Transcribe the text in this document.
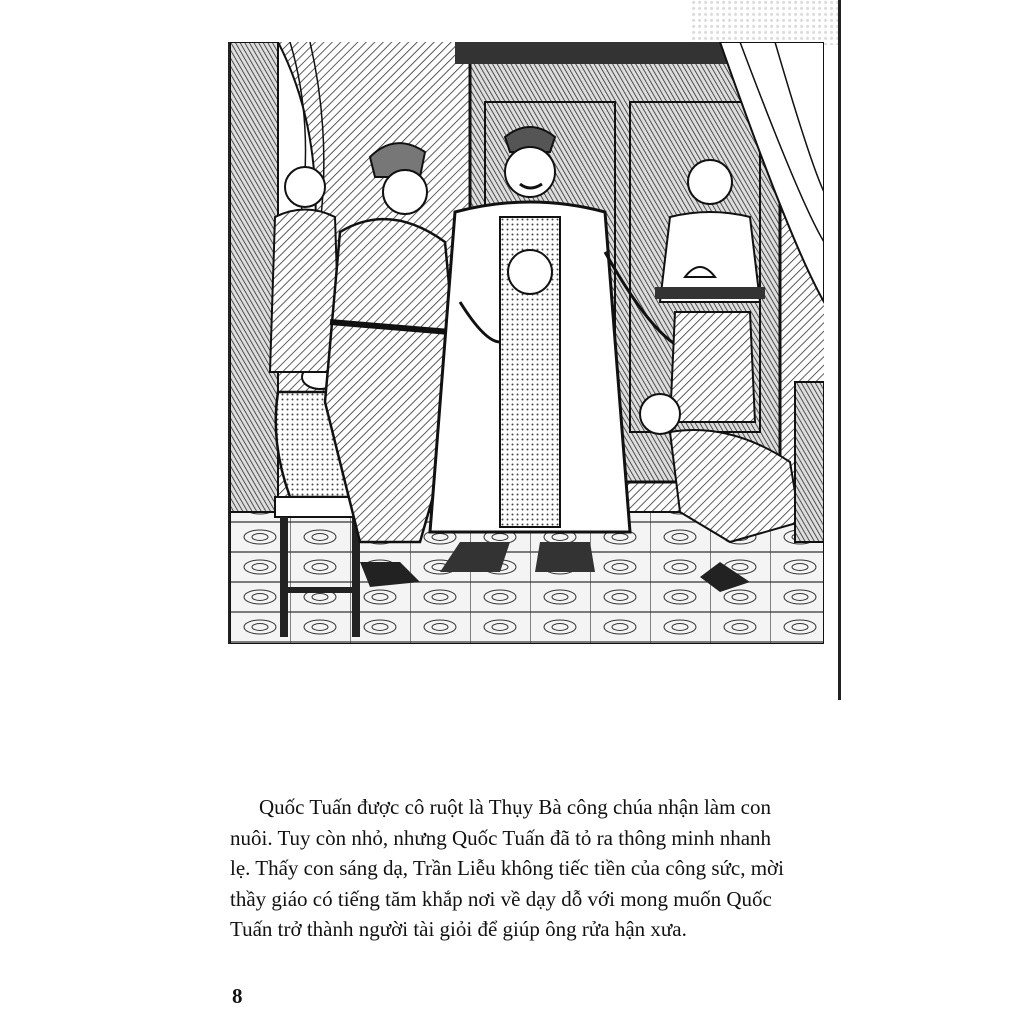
Quốc Tuấn được cô ruột là Thụy Bà công chúa nhận làm con
nuôi. Tuy còn nhỏ, nhưng Quốc Tuấn đã tỏ ra thông minh nhanh
lẹ. Thấy con sáng dạ, Trần Liễu không tiếc tiền của công sức, mời
thầy giáo có tiếng tăm khắp nơi về dạy dỗ với mong muốn Quốc
Tuấn trở thành người tài giỏi để giúp ông rửa hận xưa.

8
